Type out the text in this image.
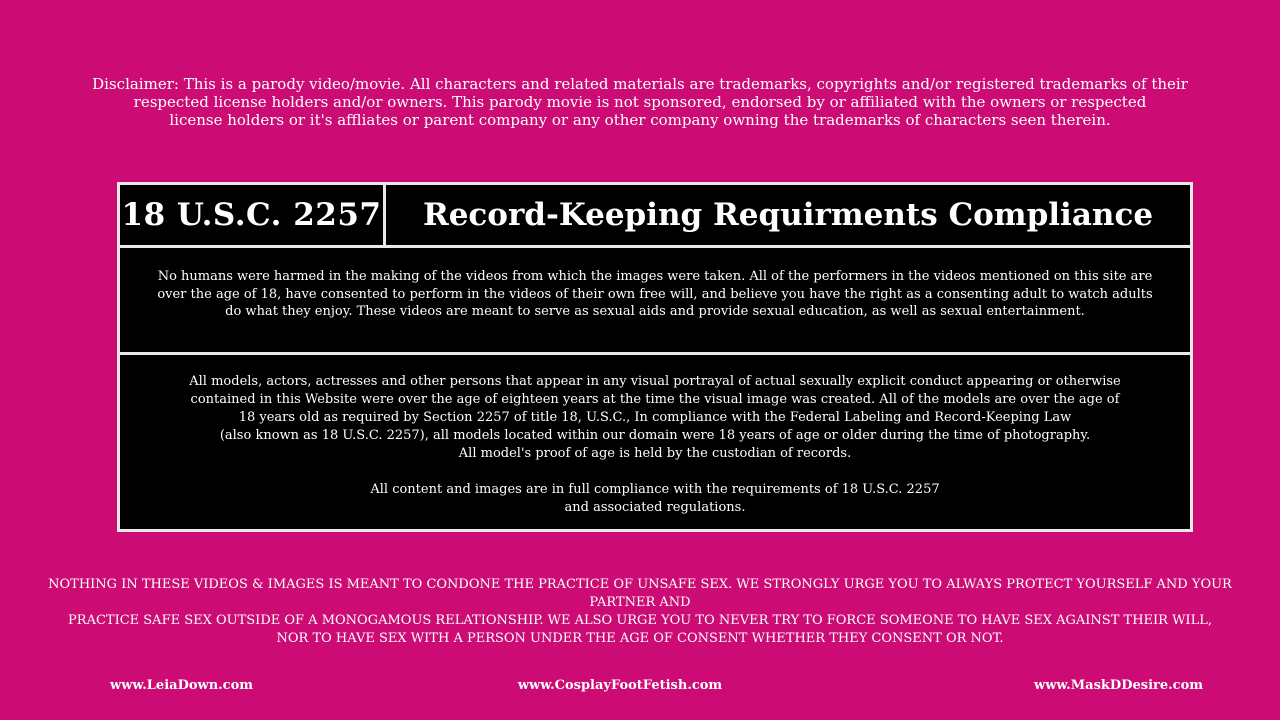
Disclaimer: This is a parody video/movie. All characters and related materials are trademarks, copyrights and/or registered trademarks of their
respected license holders and/or owners. This parody movie is not sponsored, endorsed by or affiliated with the owners or respected
license holders or it's affliates or parent company or any other company owning the trademarks of characters seen therein.
18 U.S.C. 2257	Record-Keeping Requirments Compliance

No humans were harmed in the making of the videos from which the images were taken. All of the performers in the videos mentioned on this site are
over the age of 18, have consented to perform in the videos of their own free will, and believe you have the right as a consenting adult to watch adults
do what they enjoy. These videos are meant to serve as sexual aids and provide sexual education, as well as sexual entertainment.

All models, actors, actresses and other persons that appear in any visual portrayal of actual sexually explicit conduct appearing or otherwise
contained in this Website were over the age of eighteen years at the time the visual image was created. All of the models are over the age of
18 years old as required by Section 2257 of title 18, U.S.C., In compliance with the Federal Labeling and Record-Keeping Law
(also known as 18 U.S.C. 2257), all models located within our domain were 18 years of age or older during the time of photography.
All model's proof of age is held by the custodian of records.
All content and images are in full compliance with the requirements of 18 U.S.C. 2257
and associated regulations.
NOTHING IN THESE VIDEOS & IMAGES IS MEANT TO CONDONE THE PRACTICE OF UNSAFE SEX. WE STRONGLY URGE YOU TO ALWAYS PROTECT YOURSELF AND YOUR PARTNER AND
PRACTICE SAFE SEX OUTSIDE OF A MONOGAMOUS RELATIONSHIP. WE ALSO URGE YOU TO NEVER TRY TO FORCE SOMEONE TO HAVE SEX AGAINST THEIR WILL,
NOR TO HAVE SEX WITH A PERSON UNDER THE AGE OF CONSENT WHETHER THEY CONSENT OR NOT.
www.LeiaDown.com	www.CosplayFootFetish.com	www.MaskDDesire.com
